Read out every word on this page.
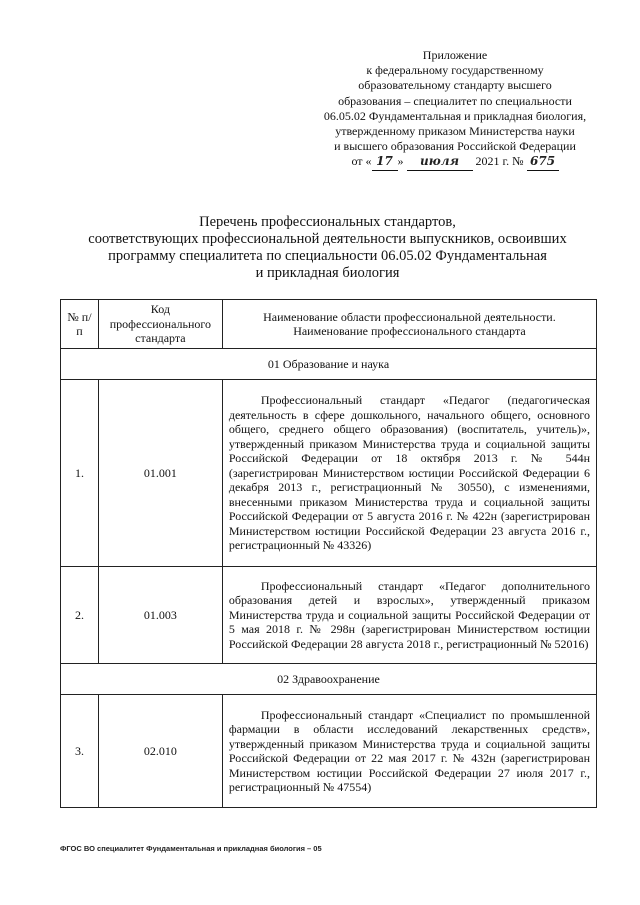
Приложение
к федеральному государственному
образовательному стандарту высшего
образования – специалитет по специальности
06.05.02 Фундаментальная и прикладная биология,
утвержденному приказом Министерства науки
и высшего образования Российской Федерации
от « 17 » июля 2021 г. № 675
Перечень профессиональных стандартов,
соответствующих профессиональной деятельности выпускников, освоивших
программу специалитета по специальности 06.05.02 Фундаментальная
и прикладная биология
№ п/п	Код профессионального стандарта	Наименование области профессиональной деятельности. Наименование профессионального стандарта
01 Образование и наука		
1.	01.001	Профессиональный стандарт «Педагог (педагогическая деятельность в сфере дошкольного, начального общего, основного общего, среднего общего образования) (воспитатель, учитель)», утвержденный приказом Министерства труда и социальной защиты Российской Федерации от 18 октября 2013 г. № 544н (зарегистрирован Министерством юстиции Российской Федерации 6 декабря 2013 г., регистрационный № 30550), с изменениями, внесенными приказом Министерства труда и социальной защиты Российской Федерации от 5 августа 2016 г. № 422н (зарегистрирован Министерством юстиции Российской Федерации 23 августа 2016 г., регистрационный № 43326)

2.	01.003	Профессиональный стандарт «Педагог дополнительного образования детей и взрослых», утвержденный приказом Министерства труда и социальной защиты Российской Федерации от 5 мая 2018 г. № 298н (зарегистрирован Министерством юстиции Российской Федерации 28 августа 2018 г., регистрационный № 52016)

02 Здравоохранение		
3.	02.010	Профессиональный стандарт «Специалист по промышленной фармации в области исследований лекарственных средств», утвержденный приказом Министерства труда и социальной защиты Российской Федерации от 22 мая 2017 г. № 432н (зарегистрирован Министерством юстиции Российской Федерации 27 июля 2017 г., регистрационный № 47554)
ФГОС ВО специалитет Фундаментальная и прикладная биология – 05
